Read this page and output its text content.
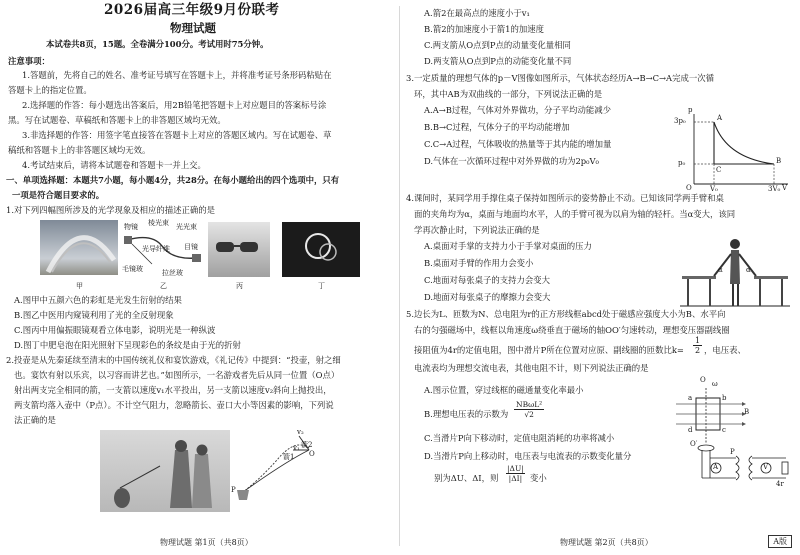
2026届高三年级9月份联考
物理试题
本试卷共8页，15题。全卷满分100分。考试用时75分钟。
注意事项：
1.答题前，先将自己的姓名、准考证号填写在答题卡上，并将准考证号条形码粘贴在
答题卡上的指定位置。
2.选择题的作答：每小题选出答案后，用2B铅笔把答题卡上对应题目的答案标号涂
黑。写在试题卷、草稿纸和答题卡上的非答题区域均无效。
3.非选择题的作答：用签字笔直接答在答题卡上对应的答题区域内。写在试题卷、草
稿纸和答题卡上的非答题区域均无效。
4.考试结束后，请将本试题卷和答题卡一并上交。
一、单项选择题：本题共7小题，每小题4分，共28分。在每小题给出的四个选项中，只有
一项是符合题目要求的。
1.对下列四幅图所涉及的光学现象及相应的描述正确的是
甲
物镜 棱光束 光光束
光导纤维 目镜
毛镜玻	拉丝玻
乙	丙	丁
A.图甲中五颜六色的彩虹是光发生衍射的结果
B.图乙中医用内窥镜利用了光的全反射现象
C.图丙中用偏振眼镜观看立体电影，说明光是一种纵波
D.图丁中肥皂泡在阳光照射下呈现彩色的条纹是由于光的折射
2.投壶是从先秦延续至清末的中国传统礼仪和宴饮游戏，《礼记传》中提到：“投壶，射之细
也。宴饮有射以乐宾，以习容而讲艺也。”如图所示，一名游戏者先后从同一位置（O点）
射出两支完全相同的箭，一支箭以速度v₁水平投出，另一支箭以速度v₂斜向上抛投出，
两支箭均落入壶中（P点）。不计空气阻力，忽略箭长、壶口大小等因素的影响，下列说
法正确的是
v₂
箭2
箭1
v₁
O
P
物理试题 第1页（共8页）
A.箭2在最高点的速度小于v₁
B.箭2的加速度小于箭1的加速度
C.两支箭从O点到P点的动量变化量相同
D.两支箭从O点到P点的动能变化量不同
3.一定质量的理想气体的p－V图像如图所示，气体状态经历A→B→C→A完成一次循
环，其中AB为双曲线的一部分，下列说法正确的是
A.A→B过程，气体对外界做功，分子平均动能减少
B.B→C过程，气体分子的平均动能增加
C.C→A过程，气体吸收的热量等于其内能的增加量
D.气体在一次循环过程中对外界做的功为2p₀V₀
p
V
3p₀
p₀
V₀	3V₀
A
B
C
O
4.课间时，某同学用手撑住桌子保持如图所示的姿势静止不动。已知该同学两手臂和桌
面的夹角均为α，桌面与地面均水平，人的手臂可视为以肩为轴的轻杆。当α变大，该同
学再次静止时，下列说法正确的是
A.桌面对手掌的支持力小于手掌对桌面的压力
B.桌面对手臂的作用力会变小
C.地面对每张桌子的支持力会变大
D.地面对每张桌子的摩擦力会变大
α	α
5.边长为L、匝数为N、总电阻为r的正方形线框abcd处于磁感应强度大小为B、水平向
右的匀强磁场中，线框以角速度ω绕垂直于磁场的轴OO′匀速转动，理想变压器副线圈
接阻值为4r的定值电阻，图中滑片P所在位置对应原、副线圈的匝数比$k= \frac{1}{2}$ ，电压表、
电流表均为理想交流电表，其他电阻不计，则下列说法正确的是
A.图示位置，穿过线框的磁通量变化率最小
B.理想电压表的示数为
NBωL²
√2
C.当滑片P向下移动时，定值电阻消耗的功率将减小
D.当滑片P向上移动时，电压表与电流表的示数变化量分
别为ΔU、ΔI，则 $\frac{|\Delta U|}{|\Delta I|}$ 变小
O ω
B
a	b
c
d
O′
P
V
A
4r
物理试题 第2页（共8页）	A版
